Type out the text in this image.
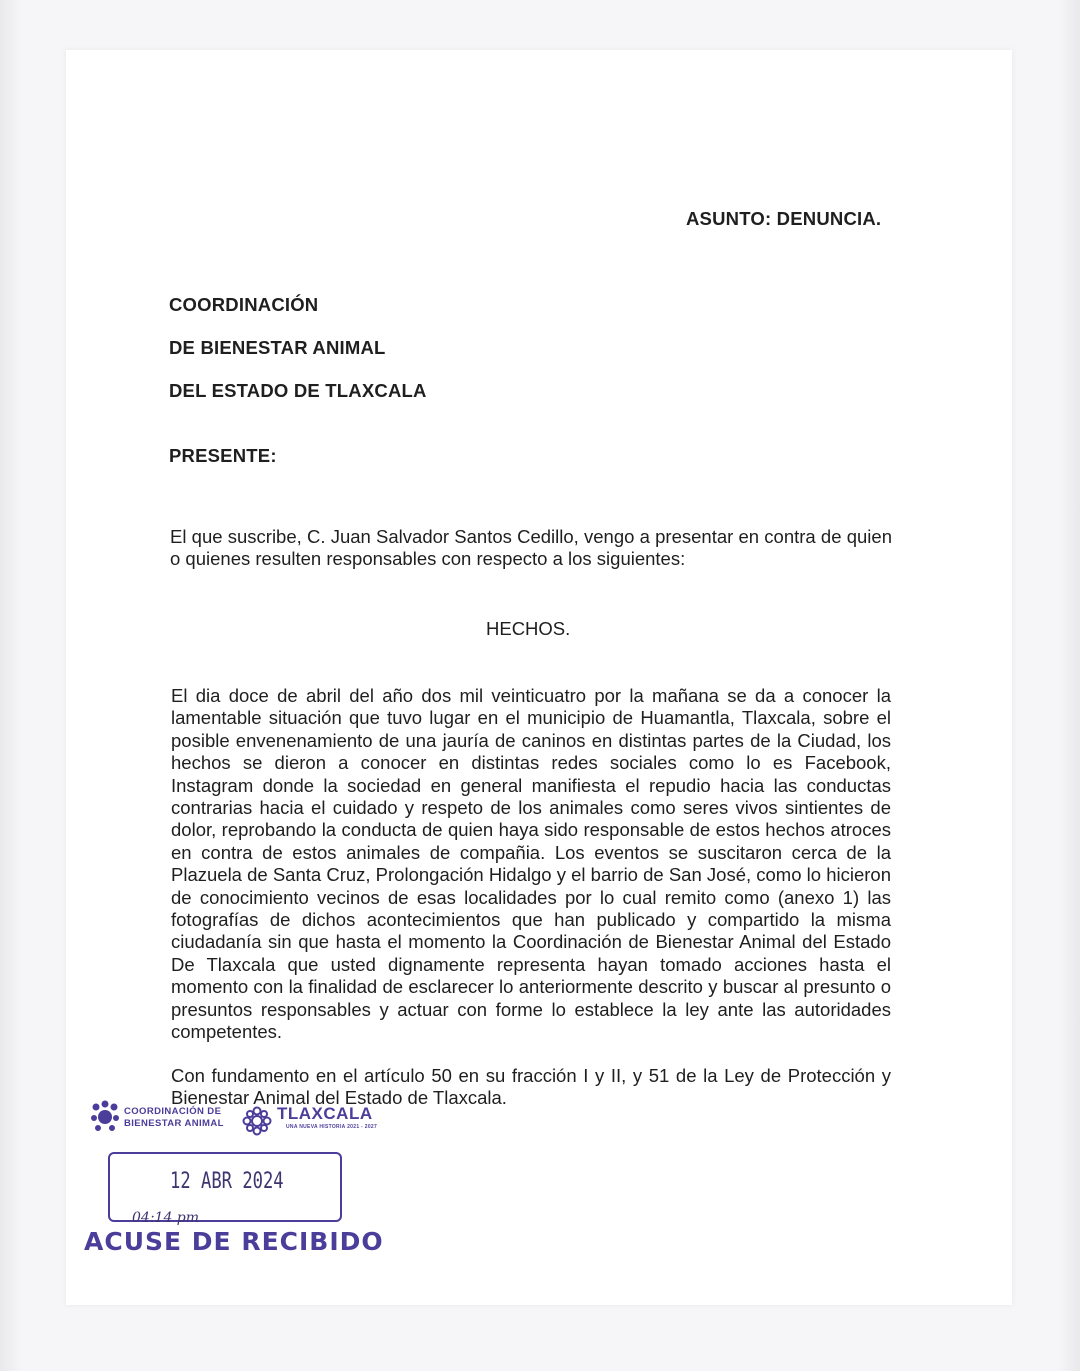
ASUNTO: DENUNCIA.

COORDINACIÓN

DE BIENESTAR ANIMAL

DEL ESTADO DE TLAXCALA

PRESENTE:

El que suscribe, C. Juan Salvador Santos Cedillo, vengo a presentar en contra de quien o quienes resulten responsables con respecto a los siguientes:

HECHOS.

El dia doce de abril del año dos mil veinticuatro por la mañana se da a conocer la lamentable situación que tuvo lugar en el municipio de Huamantla, Tlaxcala, sobre el posible envenenamiento de una jauría de caninos en distintas partes de la Ciudad, los hechos se dieron a conocer en distintas redes sociales como lo es Facebook, Instagram donde la sociedad en general manifiesta el repudio hacia las conductas contrarias hacia el cuidado y respeto de los animales como seres vivos sintientes de dolor, reprobando la conducta de quien haya sido responsable de estos hechos atroces en contra de estos animales de compañia. Los eventos se suscitaron cerca de la Plazuela de Santa Cruz, Prolongación Hidalgo y el barrio de San José, como lo hicieron de conocimiento vecinos de esas localidades por lo cual remito como (anexo 1) las fotografías de dichos acontecimientos que han publicado y compartido la misma ciudadanía sin que hasta el momento la Coordinación de Bienestar Animal del Estado De Tlaxcala que usted dignamente representa hayan tomado acciones hasta el momento con la finalidad de esclarecer lo anteriormente descrito y buscar al presunto o presuntos responsables y actuar con forme lo establece la ley ante las autoridades competentes.

Con fundamento en el artículo 50 en su fracción I y II, y 51 de la Ley de Protección y Bienestar Animal del Estado de Tlaxcala.

COORDINACIÓN DE

BIENESTAR ANIMAL

TLAXCALA

UNA NUEVA HISTORIA 2021 - 2027

12 ABR 2024

04:14 pm

ACUSE DE RECIBIDO
